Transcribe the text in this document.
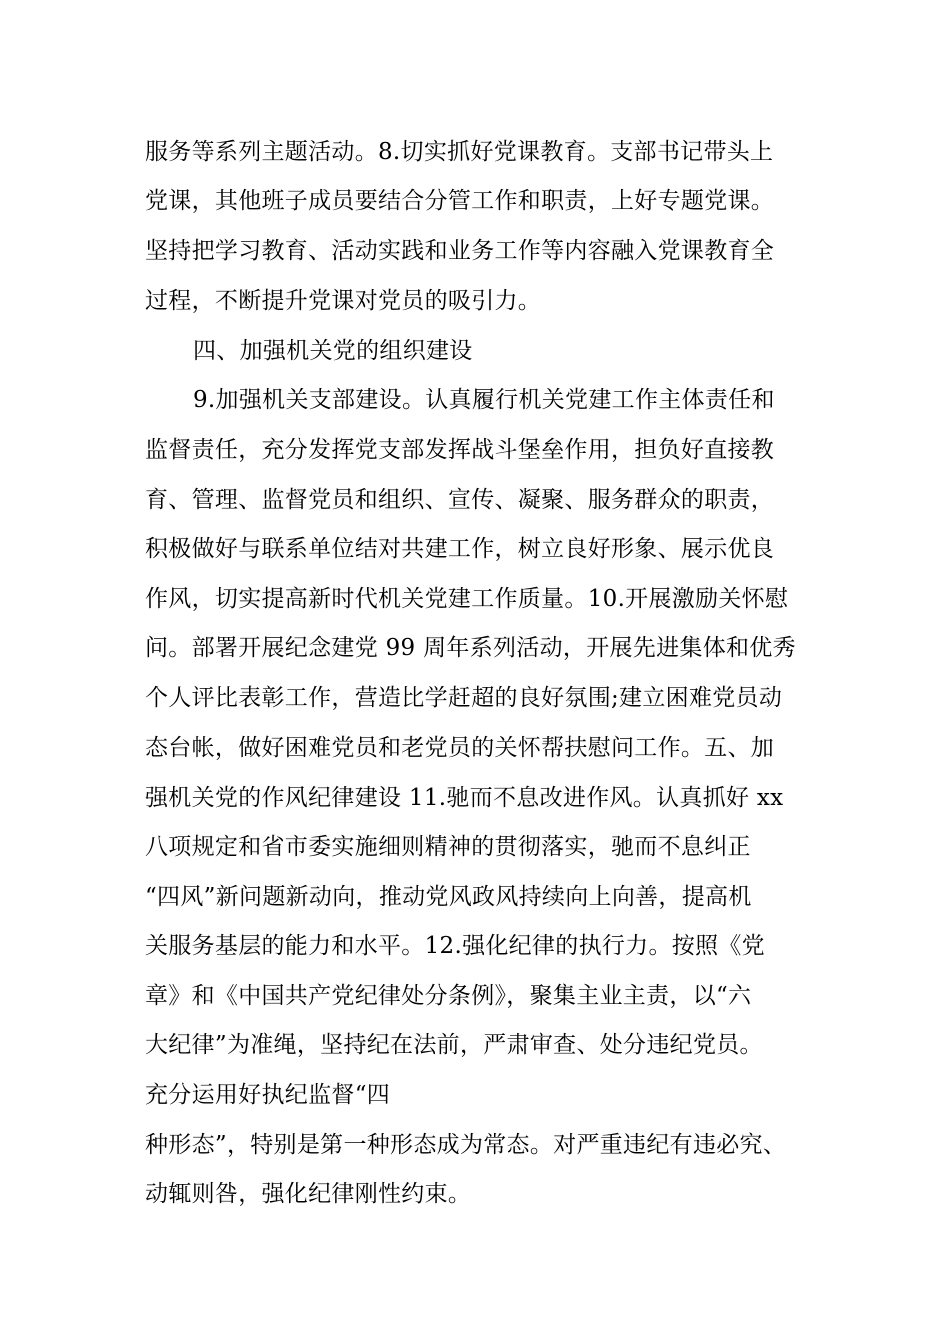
服务等系列主题活动。8.切实抓好党课教育。支部书记带头上
党课，其他班子成员要结合分管工作和职责，上好专题党课。
坚持把学习教育、活动实践和业务工作等内容融入党课教育全
过程，不断提升党课对党员的吸引力。
四、加强机关党的组织建设
9.加强机关支部建设。认真履行机关党建工作主体责任和
监督责任，充分发挥党支部发挥战斗堡垒作用，担负好直接教
育、管理、监督党员和组织、宣传、凝聚、服务群众的职责，
积极做好与联系单位结对共建工作，树立良好形象、展示优良
作风，切实提高新时代机关党建工作质量。10.开展激励关怀慰
问。部署开展纪念建党 99 周年系列活动，开展先进集体和优秀
个人评比表彰工作，营造比学赶超的良好氛围;建立困难党员动
态台帐，做好困难党员和老党员的关怀帮扶慰问工作。五、加
强机关党的作风纪律建设 11.驰而不息改进作风。认真抓好 xx
八项规定和省市委实施细则精神的贯彻落实，驰而不息纠正
“四风”新问题新动向，推动党风政风持续向上向善，提高机
关服务基层的能力和水平。12.强化纪律的执行力。按照《党
章》和《中国共产党纪律处分条例》，聚集主业主责，以“六
大纪律”为准绳，坚持纪在法前，严肃审查、处分违纪党员。
充分运用好执纪监督“四
种形态”，特别是第一种形态成为常态。对严重违纪有违必究、
动辄则咎，强化纪律刚性约束。
